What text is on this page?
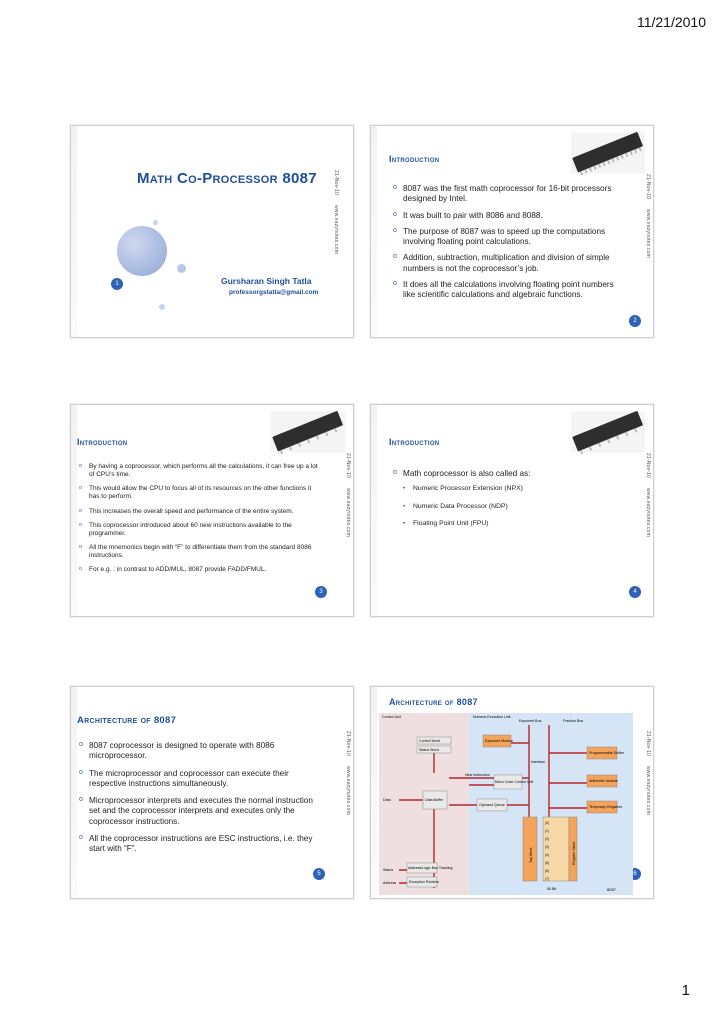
11/21/2010
1
Math Co-Processor 8087
Gursharan Singh Tatla
professorgstatla@gmail.com
21-Nov-10www.eazynotes.com
Introduction
o 8087 was the first math coprocessor for 16-bit processors designed by Intel.
o It was built to pair with 8086 and 8088.
o The purpose of 8087 was to speed up the computations involving floating point calculations.
o Addition, subtraction, multiplication and division of simple numbers is not the coprocessor’s job.
o It does all the calculations involving floating point numbers like scientific calculations and algebraic functions.
21-Nov-10www.eazynotes.com
2
Introduction
o By having a coprocessor, which performs all the calculations, it can free up a lot of CPU’s time.
o This would allow the CPU to focus all of its resources on the other functions it has to perform.
o This increases the overall speed and performance of the entire system.
o This coprocessor introduced about 60 new instructions available to the programmer.
o All the mnemonics begin with “F” to differentiate them from the standard 8086 instructions.
o For e.g. : in contrast to ADD/MUL, 8087 provide FADD/FMUL.
21-Nov-10www.eazynotes.com
3
Introduction
o Math coprocessor is also called as:
• Numeric Processor Extension (NPX)
• Numeric Data Processor (NDP)
• Floating Point Unit (FPU)
21-Nov-10www.eazynotes.com
4
Architecture of 8087
o 8087 coprocessor is designed to operate with 8086 microprocessor.
o The microprocessor and coprocessor can execute their respective instructions simultaneously.
o Microprocessor interprets and executes the normal instruction set and the coprocessor interprets and executes only the coprocessor instructions.
o All the coprocessor instructions are ESC instructions, i.e. they start with “F”.
21-Nov-10www.eazynotes.com
5
Architecture of 8087
21-Nov-10www.eazynotes.com
6
Control Unit	Numeric Execution Unit
Exponent Bus	Fraction Bus
Control Word
Status Word
Exponent Module
Programmable Shifter
Interface
New Instruction
Micro Code Control Unit
Data Buffer
Data
Arithmetic Module
Operand Queue	Temporary Registers
Status
Address
Address/Logic Bus Tracking
Exception Pointers
Tag Word	Register Stack
(0)
(1)
(2)
(3)
(4)
(5)
(6)
(7)
80 Bit	8087
1
